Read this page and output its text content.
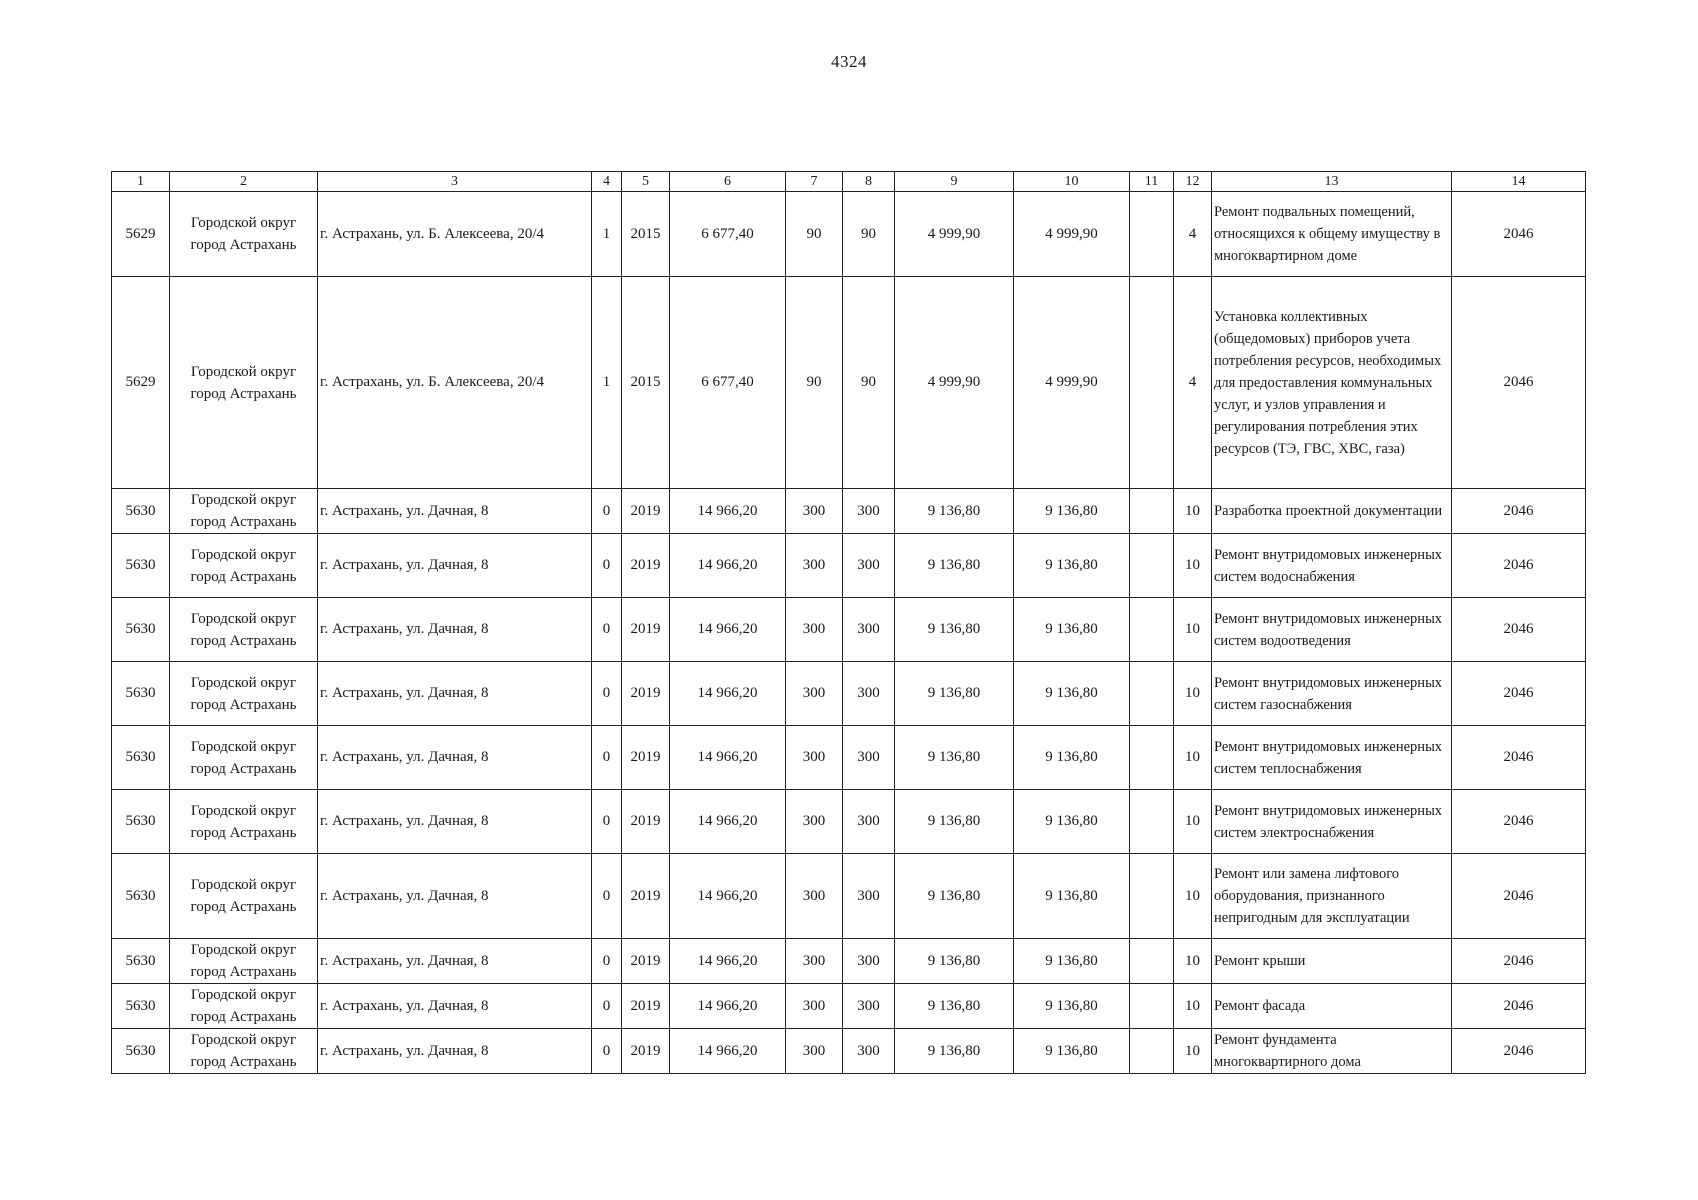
4324
1	2	3	4	5	6	7	8	9	10	11	12	13	14
5629	Городской округ город Астрахань	г. Астрахань, ул. Б. Алексеева, 20/4	1	2015	6 677,40	90	90	4 999,90	4 999,90		4	Ремонт подвальных помещений, относящихся к общему имуществу в многоквартирном доме	2046
5629	Городской округ город Астрахань	г. Астрахань, ул. Б. Алексеева, 20/4	1	2015	6 677,40	90	90	4 999,90	4 999,90		4	Установка коллективных (общедомовых) приборов учета потребления ресурсов, необходимых для предоставления коммунальных услуг, и узлов управления и регулирования потребления этих ресурсов (ТЭ, ГВС, ХВС, газа)	2046
5630	Городской округ город Астрахань	г. Астрахань, ул. Дачная, 8	0	2019	14 966,20	300	300	9 136,80	9 136,80		10	Разработка проектной документации	2046
5630	Городской округ город Астрахань	г. Астрахань, ул. Дачная, 8	0	2019	14 966,20	300	300	9 136,80	9 136,80		10	Ремонт внутридомовых инженерных систем водоснабжения	2046
5630	Городской округ город Астрахань	г. Астрахань, ул. Дачная, 8	0	2019	14 966,20	300	300	9 136,80	9 136,80		10	Ремонт внутридомовых инженерных систем водоотведения	2046
5630	Городской округ город Астрахань	г. Астрахань, ул. Дачная, 8	0	2019	14 966,20	300	300	9 136,80	9 136,80		10	Ремонт внутридомовых инженерных систем газоснабжения	2046
5630	Городской округ город Астрахань	г. Астрахань, ул. Дачная, 8	0	2019	14 966,20	300	300	9 136,80	9 136,80		10	Ремонт внутридомовых инженерных систем теплоснабжения	2046
5630	Городской округ город Астрахань	г. Астрахань, ул. Дачная, 8	0	2019	14 966,20	300	300	9 136,80	9 136,80		10	Ремонт внутридомовых инженерных систем электроснабжения	2046
5630	Городской округ город Астрахань	г. Астрахань, ул. Дачная, 8	0	2019	14 966,20	300	300	9 136,80	9 136,80		10	Ремонт или замена лифтового оборудования, признанного непригодным для эксплуатации	2046
5630	Городской округ город Астрахань	г. Астрахань, ул. Дачная, 8	0	2019	14 966,20	300	300	9 136,80	9 136,80		10	Ремонт крыши	2046
5630	Городской округ город Астрахань	г. Астрахань, ул. Дачная, 8	0	2019	14 966,20	300	300	9 136,80	9 136,80		10	Ремонт фасада	2046
5630	Городской округ город Астрахань	г. Астрахань, ул. Дачная, 8	0	2019	14 966,20	300	300	9 136,80	9 136,80		10	Ремонт фундамента многоквартирного дома	2046
